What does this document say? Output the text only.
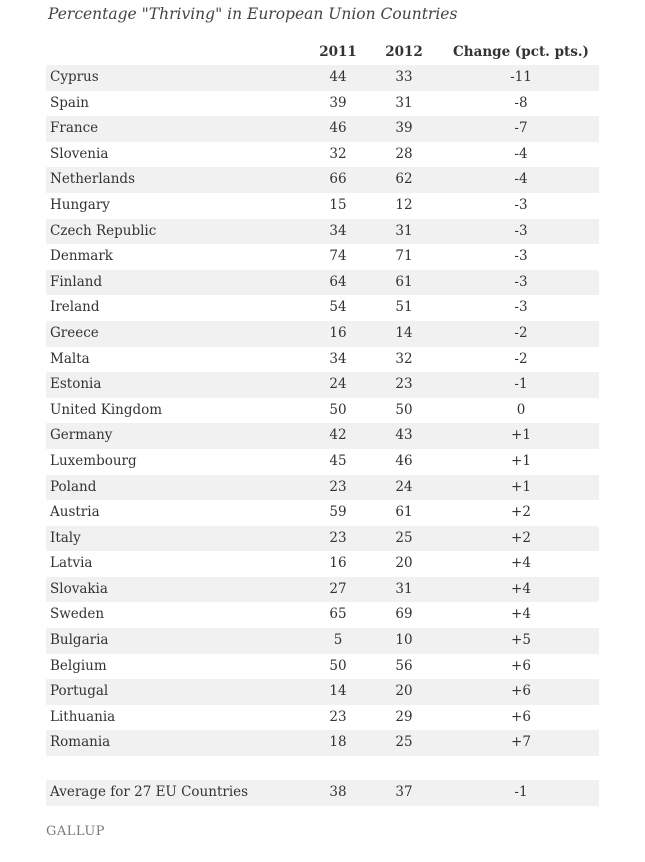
Percentage "Thriving" in European Union Countries
2011	2012	Change (pct. pts.)
Cyprus	44	33	-11
Spain	39	31	-8
France	46	39	-7
Slovenia	32	28	-4
Netherlands	66	62	-4
Hungary	15	12	-3
Czech Republic	34	31	-3
Denmark	74	71	-3
Finland	64	61	-3
Ireland	54	51	-3
Greece	16	14	-2
Malta	34	32	-2
Estonia	24	23	-1
United Kingdom	50	50	0
Germany	42	43	+1
Luxembourg	45	46	+1
Poland	23	24	+1
Austria	59	61	+2
Italy	23	25	+2
Latvia	16	20	+4
Slovakia	27	31	+4
Sweden	65	69	+4
Bulgaria	5	10	+5
Belgium	50	56	+6
Portugal	14	20	+6
Lithuania	23	29	+6
Romania	18	25	+7
Average for 27 EU Countries	38	37	-1
GALLUP
